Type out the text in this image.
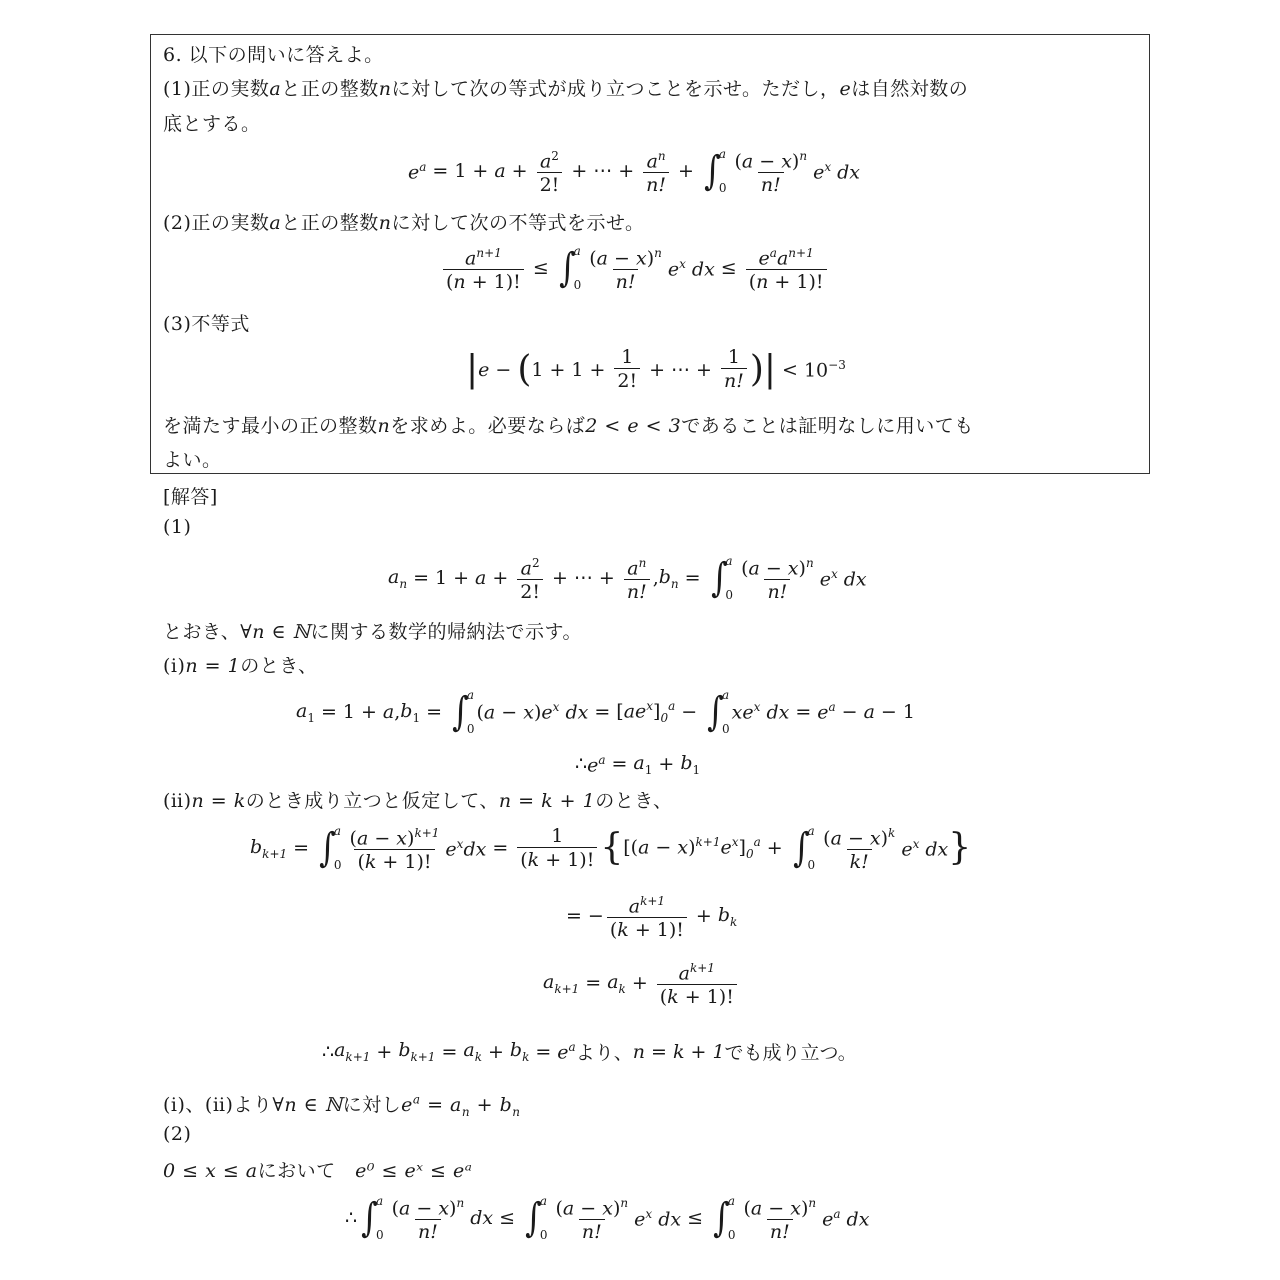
6. 以下の問いに答えよ。
(1)正の実数aと正の整数nに対して次の等式が成り立つことを示せ。ただし，eは自然対数の
底とする。
$e^a = 1 + a + \frac{a^2}{2!}$ + ⋯ + $\frac{a^n}{n!}$ + ∫
a
$0 \frac{(a - x)^n}{n!} e^x$ dx
(2)正の実数aと正の整数nに対して次の不等式を示せ。
$\frac{a^{n+1}}{(n + 1)!}$ ≤ ∫
a
$0 \frac{(a - x)^n}{n!} e^x$ dx ≤ $\frac{e^aa^{n+1}}{(n + 1)!}$
(3)不等式
| e − ( $1 + 1 + \frac{1}{2!}$ + ⋯ + $\frac{1}{n!}$ ) | < $10^{-3}$
を満たす最小の正の整数nを求めよ。必要ならば2 < e < 3であることは証明なしに用いても
よい。
[解答]
(1)
$a_n = 1 + a + \frac{a^2}{2!}$ + ⋯ + $\frac{a^n}{n!}$ , $b_n$ = ∫
a
$0 \frac{(a - x)^n}{n!} e^x$ dx
とおき、∀n ∈ ℕに関する数学的帰納法で示す。
(ⅰ)n = 1のとき、
$a_1 = 1 + a$, $b_1$ = ∫
a
0
$(a - x)e^x$ dx = $[ae^x]_0^a$ − ∫
a
0
$xe^x$ dx = $e^a - a - 1$
∴ $e^a = a_1 + b_1$
(ⅱ)n = kのとき成り立つと仮定して、n = k + 1のとき、
$b_{k+1}$ = ∫
a
$0 \frac{(a - x)^{k+1}}{(k + 1)!} e^xdx = \frac{1}{(k + 1)!}$ { $[(a - x)^{k+1}e^x]_0^a$ + ∫
a
$0 \frac{(a - x)^k}{k!} e^x$ dx }
= − $\frac{a^{k+1}}{(k + 1)!} + b_k$
$a_{k+1} = a_k + \frac{a^{k+1}}{(k + 1)!}$
∴ $a_{k+1} + b_{k+1} = a_k + b_k = e^a$ より、 n = k + 1 でも成り立つ。
(ⅰ)、(ⅱ)より∀n ∈ ℕに対し$e^a = a_n + b_n$
(2)
0 ≤ x ≤ aにおいて　e⁰ ≤ eˣ ≤ eᵃ
∴ ∫
a
$0 \frac{(a - x)^n}{n!}$ dx ≤ ∫
a
$0 \frac{(a - x)^n}{n!} e^x$ dx ≤ ∫
a
$0 \frac{(a - x)^n}{n!} e^a$ dx
